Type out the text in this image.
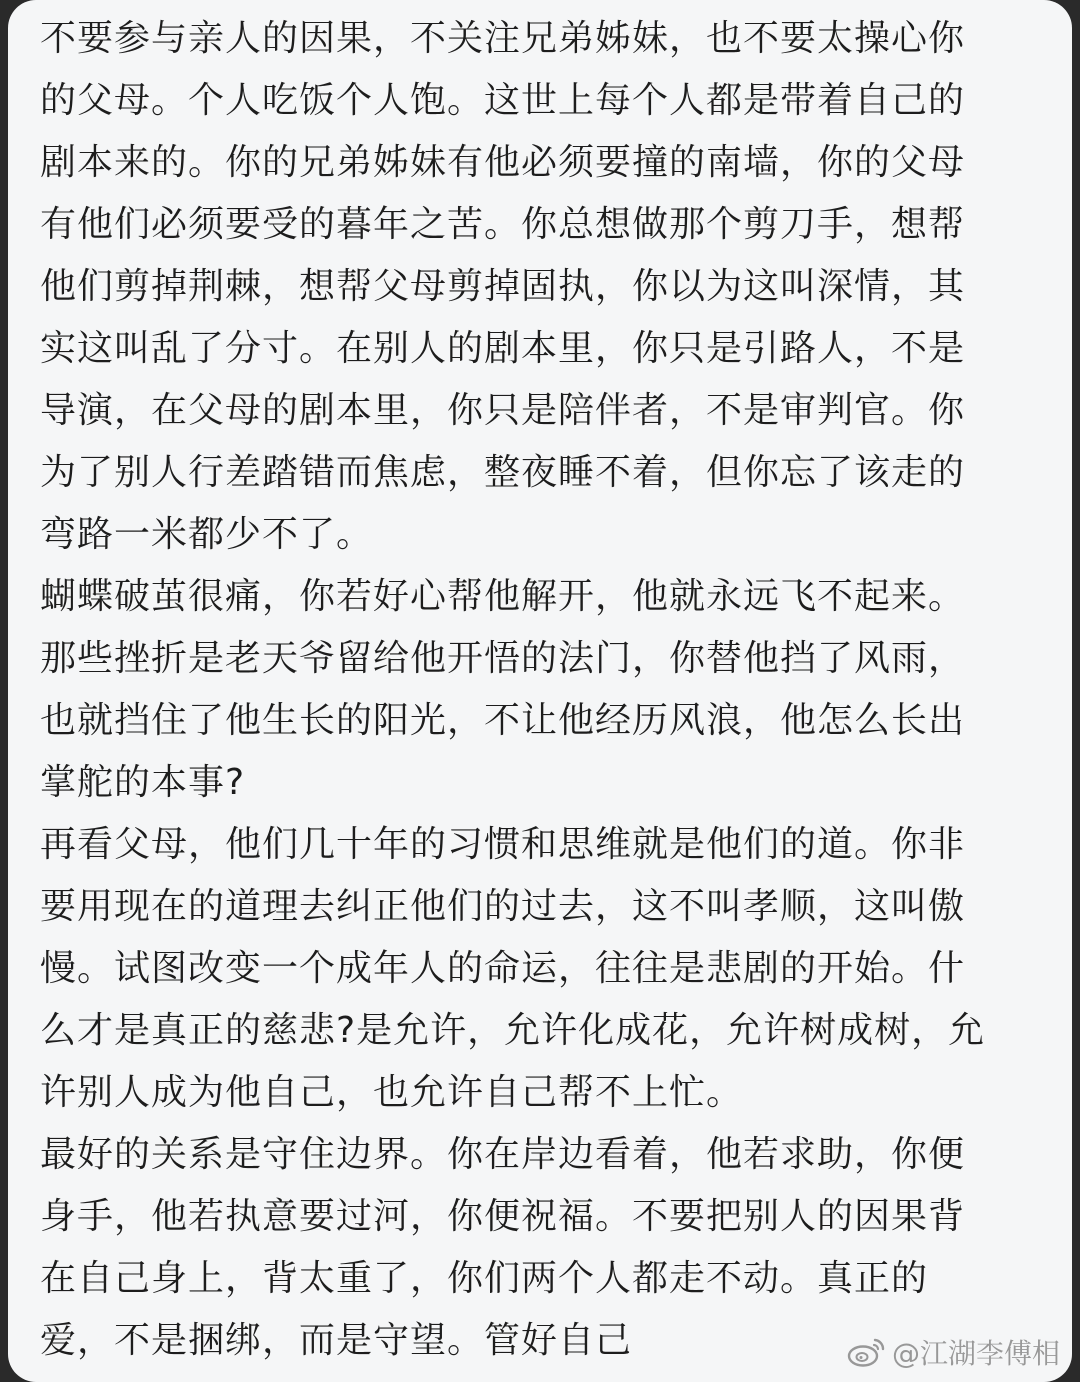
不要参与亲人的因果，不关注兄弟姊妹，也不要太操心你
的父母。个人吃饭个人饱。这世上每个人都是带着自己的
剧本来的。你的兄弟姊妹有他必须要撞的南墙，你的父母
有他们必须要受的暮年之苦。你总想做那个剪刀手，想帮
他们剪掉荆棘，想帮父母剪掉固执，你以为这叫深情，其
实这叫乱了分寸。在别人的剧本里，你只是引路人，不是
导演，在父母的剧本里，你只是陪伴者，不是审判官。你
为了别人行差踏错而焦虑，整夜睡不着，但你忘了该走的
弯路一米都少不了。
蝴蝶破茧很痛，你若好心帮他解开，他就永远飞不起来。
那些挫折是老天爷留给他开悟的法门，你替他挡了风雨，
也就挡住了他生长的阳光，不让他经历风浪，他怎么长出
掌舵的本事?
再看父母，他们几十年的习惯和思维就是他们的道。你非
要用现在的道理去纠正他们的过去，这不叫孝顺，这叫傲
慢。试图改变一个成年人的命运，往往是悲剧的开始。什
么才是真正的慈悲?是允许，允许化成花，允许树成树，允
许别人成为他自己，也允许自己帮不上忙。
最好的关系是守住边界。你在岸边看着，他若求助，你便
身手，他若执意要过河，你便祝福。不要把别人的因果背
在自己身上，背太重了，你们两个人都走不动。真正的
爱，不是捆绑，而是守望。管好自己	@江湖李傅相
